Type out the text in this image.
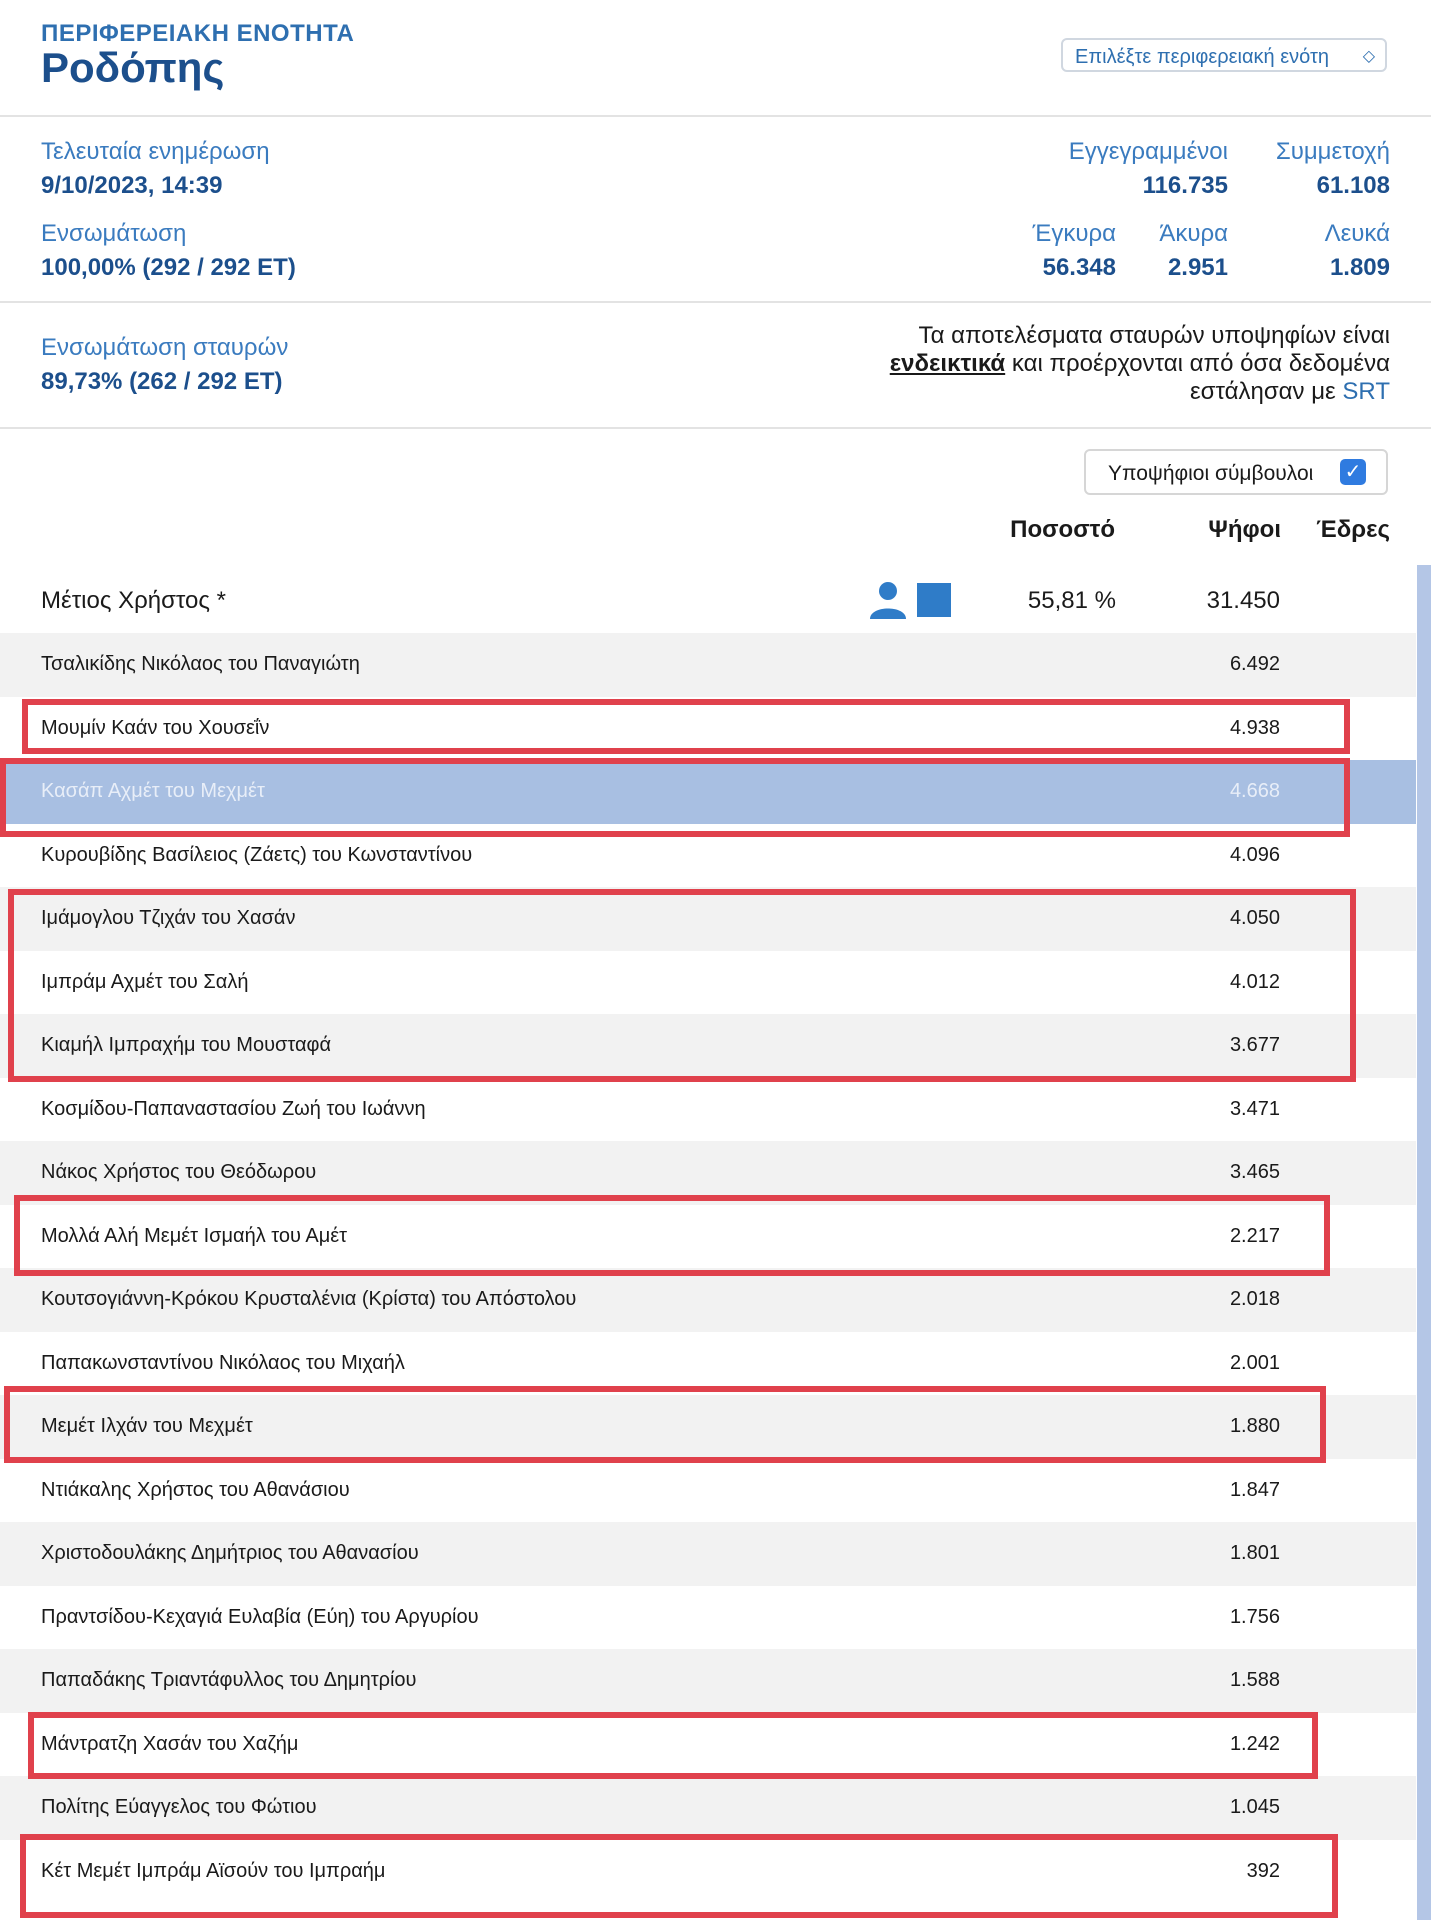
ΠΕΡΙΦΕΡΕΙΑΚΗ ΕΝΟΤΗΤΑ
Ροδόπης	Επιλέξτε περιφερειακή ενότη ◇
Τελευταία ενημέρωση
9/10/2023, 14:39
Ενσωμάτωση
100,00% (292 / 292 ΕΤ)
Εγγεγραμμένοι
116.735
Συμμετοχή
61.108
Έγκυρα
56.348
Άκυρα
2.951
Λευκά
1.809
Ενσωμάτωση σταυρών
89,73% (262 / 292 ΕΤ)
Τα αποτελέσματα σταυρών υποψηφίων είναι
ενδεικτικά και προέρχονται από όσα δεδομένα
εστάλησαν με SRT
Υποψήφιοι σύμβουλοι ✓
Ποσοστό	Ψήφοι Έδρες
Μέτιος Χρήστος *	55,81 %	31.450
Τσαλικίδης Νικόλαος του Παναγιώτη	6.492
Μουμίν Καάν του Χουσεΐν	4.938
Κασάπ Αχμέτ του Μεχμέτ	4.668
Κυρουβίδης Βασίλειος (Ζάετς) του Κωνσταντίνου	4.096
Ιμάμογλου Τζιχάν του Χασάν	4.050
Ιμπράμ Αχμέτ του Σαλή	4.012
Κιαμήλ Ιμπραχήμ του Μουσταφά	3.677
Κοσμίδου-Παπαναστασίου Ζωή του Ιωάννη	3.471
Νάκος Χρήστος του Θεόδωρου	3.465
Μολλά Αλή Μεμέτ Ισμαήλ του Αμέτ	2.217
Κουτσογιάννη-Κρόκου Κρυσταλένια (Κρίστα) του Απόστολου	2.018
Παπακωνσταντίνου Νικόλαος του Μιχαήλ	2.001
Μεμέτ Ιλχάν του Μεχμέτ	1.880
Ντιάκαλης Χρήστος του Αθανάσιου	1.847
Χριστοδουλάκης Δημήτριος του Αθανασίου	1.801
Πραντσίδου-Κεχαγιά Ευλαβία (Εύη) του Αργυρίου	1.756
Παπαδάκης Τριαντάφυλλος του Δημητρίου	1.588
Μάντρατζη Χασάν του Χαζήμ	1.242
Πολίτης Εύαγγελος του Φώτιου	1.045
Κέτ Μεμέτ Ιμπράμ Αϊσούν του Ιμπραήμ	392
